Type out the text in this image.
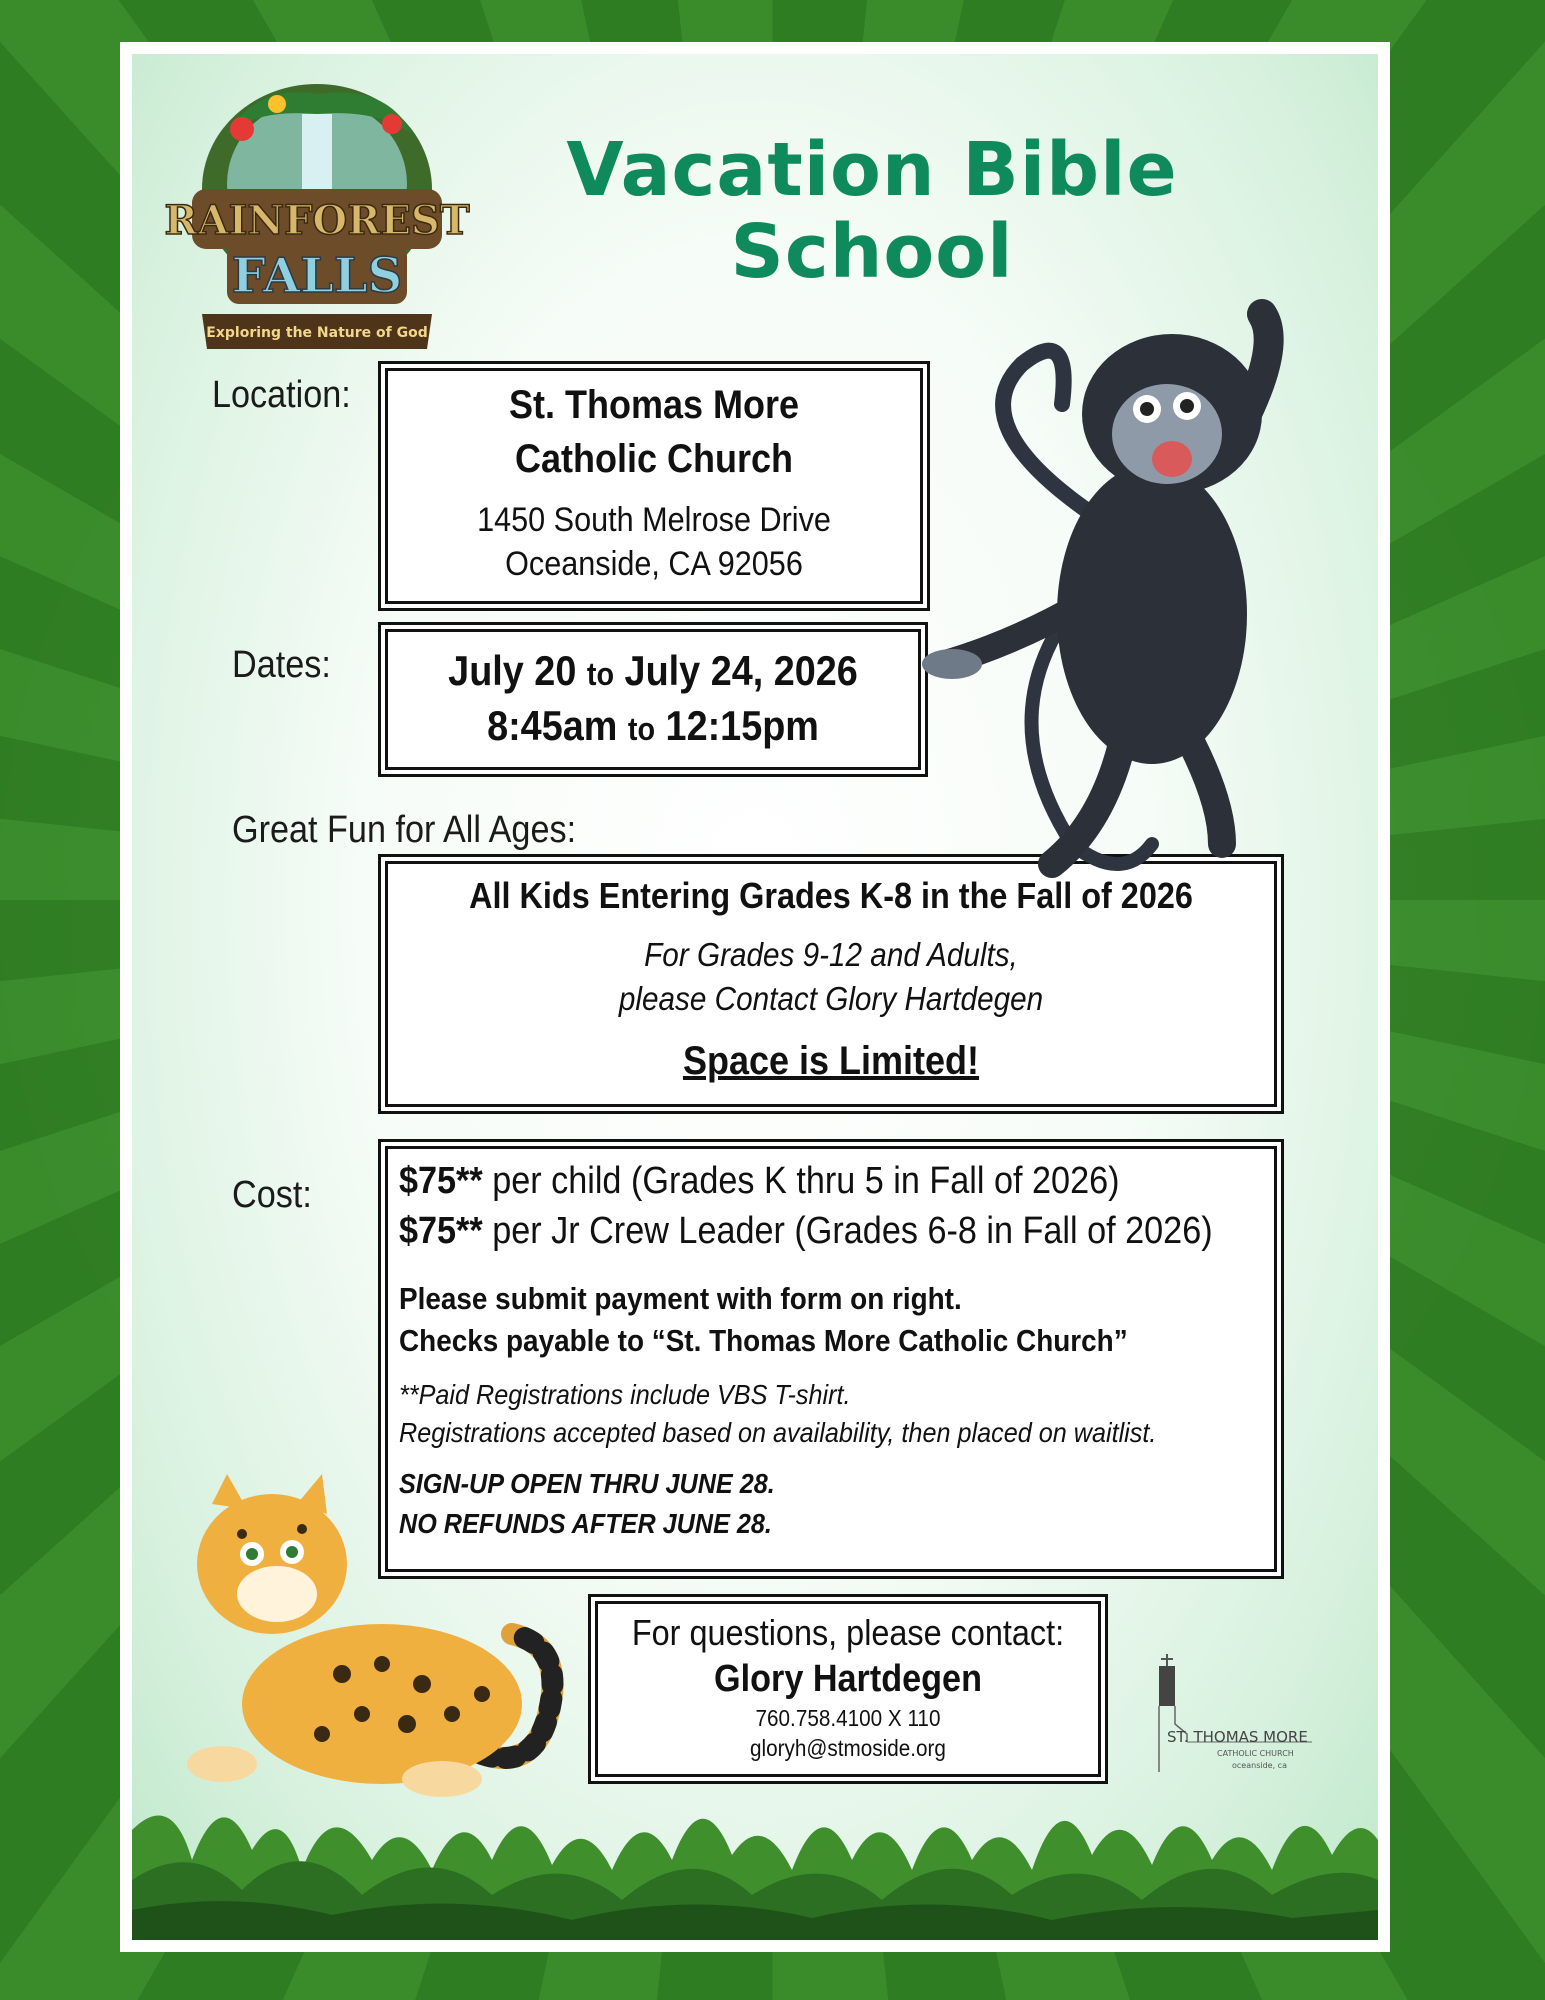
RAINFOREST
FALLS
Exploring the Nature of God
Vacation Bible
School
Location:	St. Thomas More
Catholic Church
1450 South Melrose Drive
Oceanside, CA 92056
Dates:	July 20 to July 24, 2026
8:45am to 12:15pm
Great Fun for All Ages:
All Kids Entering Grades K-8 in the Fall of 2026
For Grades 9-12 and Adults,
please Contact Glory Hartdegen
Space is Limited!
Cost: $75** per child (Grades K thru 5 in Fall of 2026)
$75** per Jr Crew Leader (Grades 6-8 in Fall of 2026)
Please submit payment with form on right.
Checks payable to “St. Thomas More Catholic Church”
**Paid Registrations include VBS T-shirt.
Registrations accepted based on availability, then placed on waitlist.
SIGN-UP OPEN THRU JUNE 28.
NO REFUNDS AFTER JUNE 28.
For questions, please contact:
Glory Hartdegen
760.758.4100 X 110
gloryh@stmoside.org	ST. THOMAS MORE
CATHOLIC CHURCH
oceanside, ca
